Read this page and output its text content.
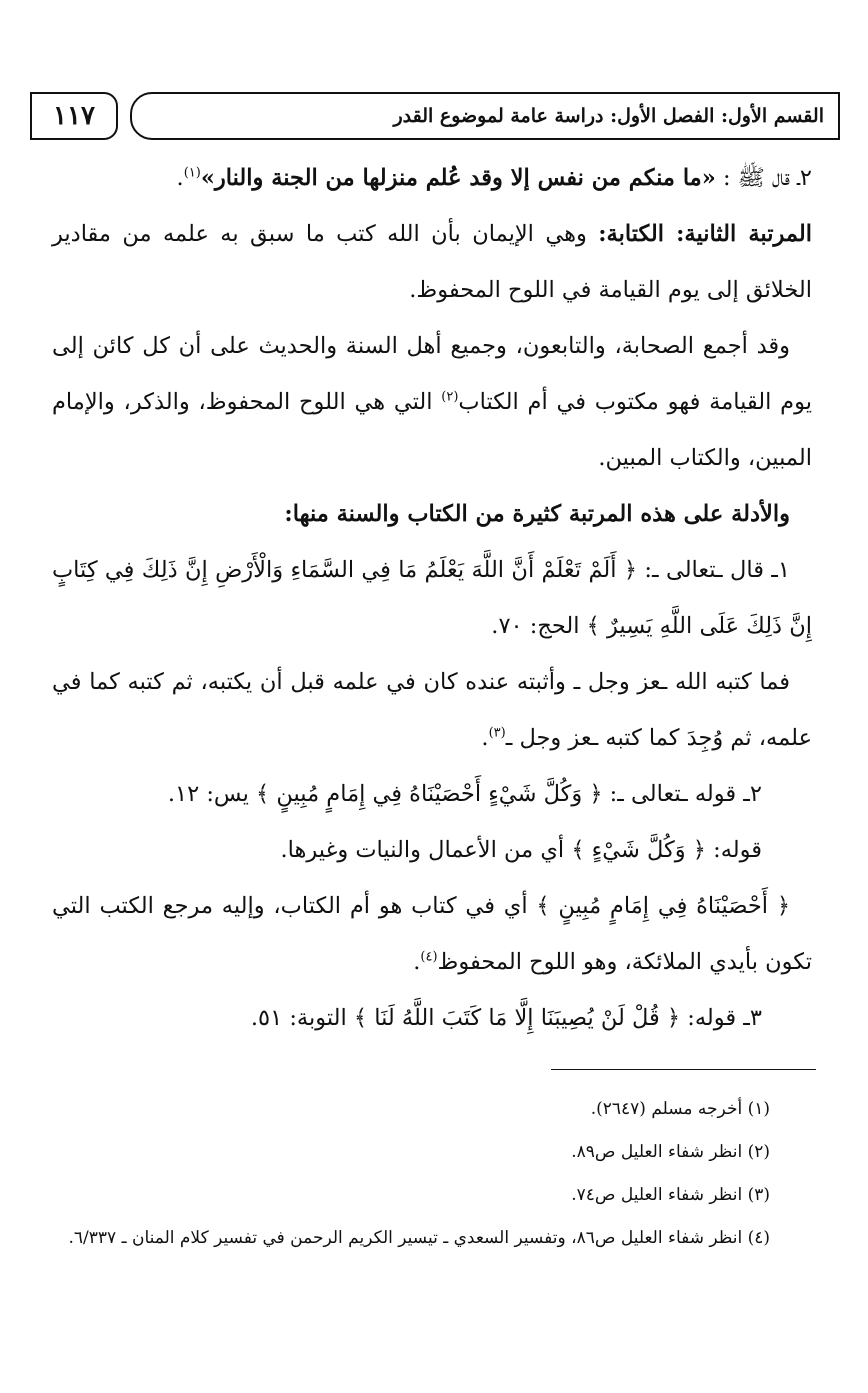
١١٧	القسم الأول: الفصل الأول: دراسة عامة لموضوع القدر

٢ـ قال ﷺ : «ما منكم من نفس إلا وقد عُلم منزلها من الجنة والنار»$^{(١)}$.

المرتبة الثانية: الكتابة: وهي الإيمان بأن الله كتب ما سبق به علمه من مقادير الخلائق إلى يوم القيامة في اللوح المحفوظ.

وقد أجمع الصحابة، والتابعون، وجميع أهل السنة والحديث على أن كل كائن إلى يوم القيامة فهو مكتوب في أم الكتاب$^{(٢)}$ التي هي اللوح المحفوظ، والذكر، والإمام المبين، والكتاب المبين.

والأدلة على هذه المرتبة كثيرة من الكتاب والسنة منها:

١ـ قال ـتعالى ـ: ﴿ أَلَمْ تَعْلَمْ أَنَّ اللَّهَ يَعْلَمُ مَا فِي السَّمَاءِ وَالْأَرْضِ إِنَّ ذَلِكَ فِي كِتَابٍ إِنَّ ذَلِكَ عَلَى اللَّهِ يَسِيرٌ ﴾ الحج: ٧٠.

فما كتبه الله ـعز وجل ـ وأثبته عنده كان في علمه قبل أن يكتبه، ثم كتبه كما في علمه، ثم وُجِدَ كما كتبه ـعز وجل ـ$^{(٣)}$.

٢ـ قوله ـتعالى ـ: ﴿ وَكُلَّ شَيْءٍ أَحْصَيْنَاهُ فِي إِمَامٍ مُبِينٍ ﴾ يس: ١٢.

قوله: ﴿ وَكُلَّ شَيْءٍ ﴾ أي من الأعمال والنيات وغيرها.

﴿ أَحْصَيْنَاهُ فِي إِمَامٍ مُبِينٍ ﴾ أي في كتاب هو أم الكتاب، وإليه مرجع الكتب التي تكون بأيدي الملائكة، وهو اللوح المحفوظ$^{(٤)}$.

٣ـ قوله: ﴿ قُلْ لَنْ يُصِيبَنَا إِلَّا مَا كَتَبَ اللَّهُ لَنَا ﴾ التوبة: ٥١.

(١) أخرجه مسلم (٢٦٤٧).

(٢) انظر شفاء العليل ص٨٩.

(٣) انظر شفاء العليل ص٧٤.

(٤) انظر شفاء العليل ص٨٦، وتفسير السعدي ـ تيسير الكريم الرحمن في تفسير كلام المنان ـ ٦/٣٣٧.
